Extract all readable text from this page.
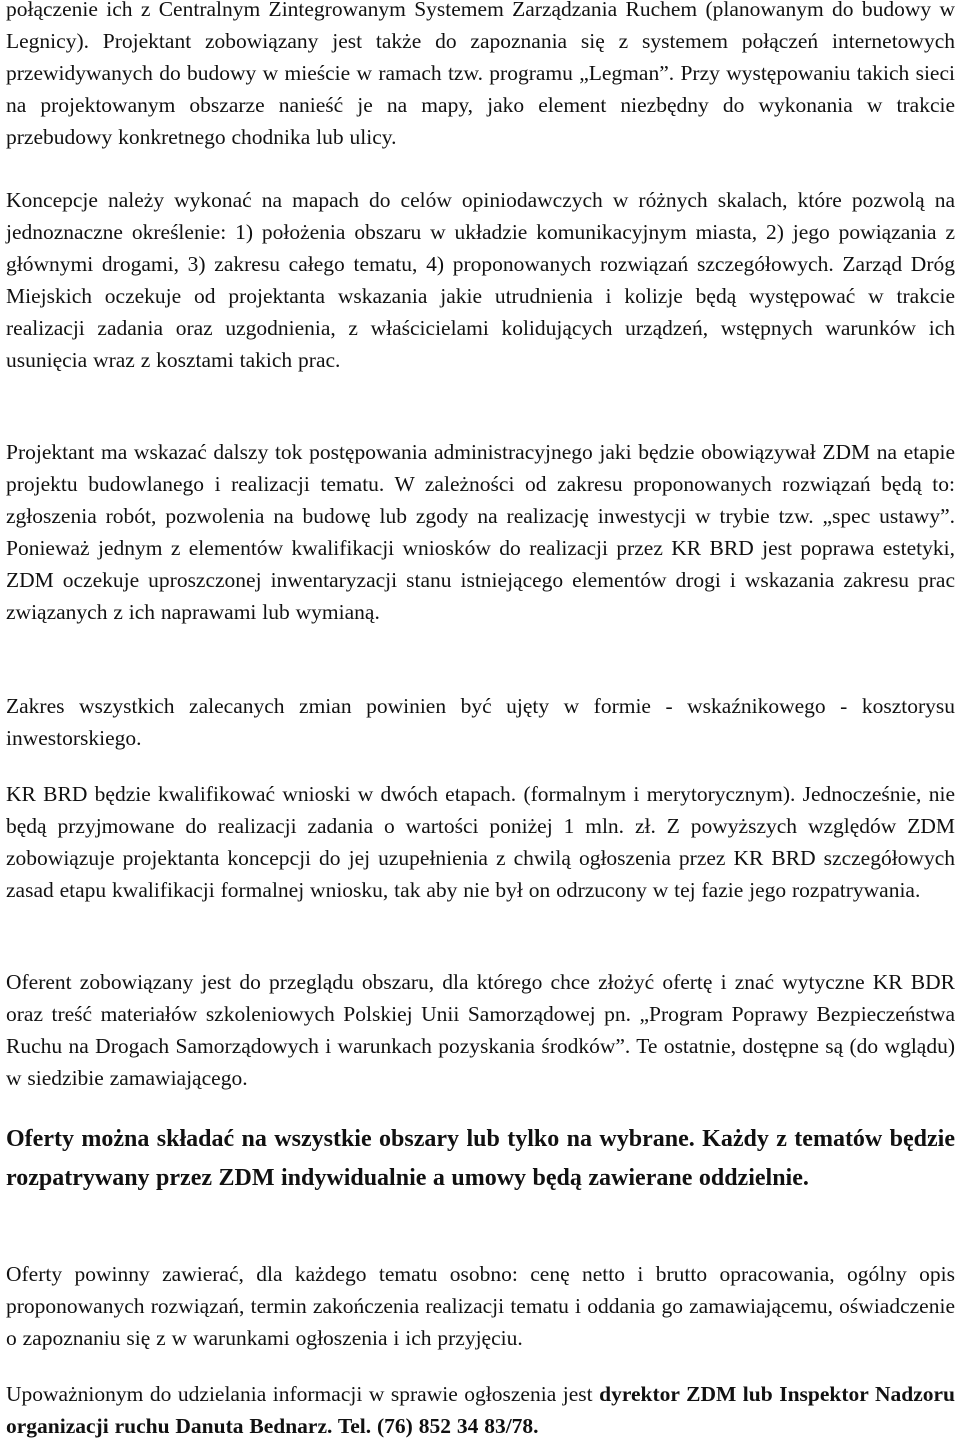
połączenie ich z Centralnym Zintegrowanym Systemem Zarządzania Ruchem (planowanym do budowy w Legnicy). Projektant zobowiązany jest także do zapoznania się z systemem połączeń internetowych przewidywanych do budowy w mieście w ramach tzw. programu „Legman”. Przy występowaniu takich sieci na projektowanym obszarze nanieść je na mapy, jako element niezbędny do wykonania w trakcie przebudowy konkretnego chodnika lub ulicy.

Koncepcje należy wykonać na mapach do celów opiniodawczych w różnych skalach, które pozwolą na jednoznaczne określenie: 1) położenia obszaru w układzie komunikacyjnym miasta, 2) jego powiązania z głównymi drogami, 3) zakresu całego tematu, 4) proponowanych rozwiązań szczegółowych. Zarząd Dróg Miejskich oczekuje od projektanta wskazania jakie utrudnienia i kolizje będą występować w trakcie realizacji zadania oraz uzgodnienia, z właścicielami kolidujących urządzeń, wstępnych warunków ich usunięcia wraz z kosztami takich prac.

Projektant ma wskazać dalszy tok postępowania administracyjnego jaki będzie obowiązywał ZDM na etapie projektu budowlanego i realizacji tematu. W zależności od zakresu proponowanych rozwiązań będą to: zgłoszenia robót, pozwolenia na budowę lub zgody na realizację inwestycji w trybie tzw. „spec ustawy”. Ponieważ jednym z elementów kwalifikacji wniosków do realizacji przez KR BRD jest poprawa estetyki, ZDM oczekuje uproszczonej inwentaryzacji stanu istniejącego elementów drogi i wskazania zakresu prac związanych z ich naprawami lub wymianą.

Zakres wszystkich zalecanych zmian powinien być ujęty w formie - wskaźnikowego - kosztorysu inwestorskiego.

KR BRD będzie kwalifikować wnioski w dwóch etapach. (formalnym i merytorycznym). Jednocześnie, nie będą przyjmowane do realizacji zadania o wartości poniżej 1 mln. zł. Z powyższych względów ZDM zobowiązuje projektanta koncepcji do jej uzupełnienia z chwilą ogłoszenia przez KR BRD szczegółowych zasad etapu kwalifikacji formalnej wniosku, tak aby nie był on odrzucony w tej fazie jego rozpatrywania.

Oferent zobowiązany jest do przeglądu obszaru, dla którego chce złożyć ofertę i znać wytyczne KR BDR oraz treść materiałów szkoleniowych Polskiej Unii Samorządowej pn. „Program Poprawy Bezpieczeństwa Ruchu na Drogach Samorządowych i warunkach pozyskania środków”. Te ostatnie, dostępne są (do wglądu) w siedzibie zamawiającego.

Oferty można składać na wszystkie obszary lub tylko na wybrane. Każdy z tematów będzie rozpatrywany przez ZDM indywidualnie a umowy będą zawierane oddzielnie.

Oferty powinny zawierać, dla każdego tematu osobno: cenę netto i brutto opracowania, ogólny opis proponowanych rozwiązań, termin zakończenia realizacji tematu i oddania go zamawiającemu, oświadczenie o zapoznaniu się z w warunkami ogłoszenia i ich przyjęciu.

Upoważnionym do udzielania informacji w sprawie ogłoszenia jest dyrektor ZDM lub Inspektor Nadzoru organizacji ruchu Danuta Bednarz. Tel. (76) 852 34 83/78.
